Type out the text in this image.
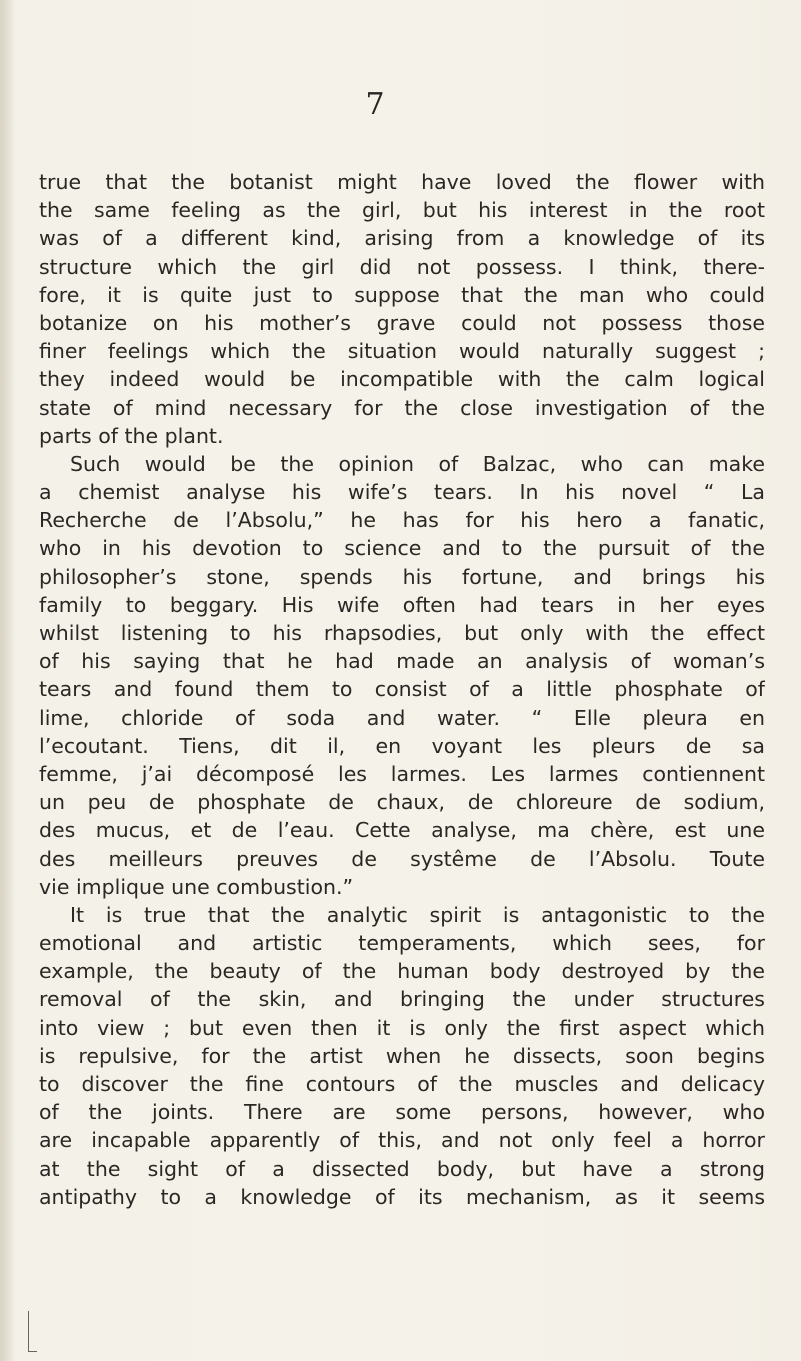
7
true that the botanist might have loved the flower with
the same feeling as the girl, but his interest in the root
was of a different kind, arising from a knowledge of its
structure which the girl did not possess. I think, there-
fore, it is quite just to suppose that the man who could
botanize on his mother’s grave could not possess those
finer feelings which the situation would naturally suggest ;
they indeed would be incompatible with the calm logical
state of mind necessary for the close investigation of the
parts of the plant.
Such would be the opinion of Balzac, who can make
a chemist analyse his wife’s tears. In his novel “ La
Recherche de l’Absolu,” he has for his hero a fanatic,
who in his devotion to science and to the pursuit of the
philosopher’s stone, spends his fortune, and brings his
family to beggary. His wife often had tears in her eyes
whilst listening to his rhapsodies, but only with the effect
of his saying that he had made an analysis of woman’s
tears and found them to consist of a little phosphate of
lime, chloride of soda and water. “ Elle pleura en
l’ecoutant. Tiens, dit il, en voyant les pleurs de sa
femme, j’ai décomposé les larmes. Les larmes contiennent
un peu de phosphate de chaux, de chloreure de sodium,
des mucus, et de l’eau. Cette analyse, ma chère, est une
des meilleurs preuves de systême de l’Absolu. Toute
vie implique une combustion.”
It is true that the analytic spirit is antagonistic to the
emotional and artistic temperaments, which sees, for
example, the beauty of the human body destroyed by the
removal of the skin, and bringing the under structures
into view ; but even then it is only the first aspect which
is repulsive, for the artist when he dissects, soon begins
to discover the fine contours of the muscles and delicacy
of the joints. There are some persons, however, who
are incapable apparently of this, and not only feel a horror
at the sight of a dissected body, but have a strong
antipathy to a knowledge of its mechanism, as it seems
